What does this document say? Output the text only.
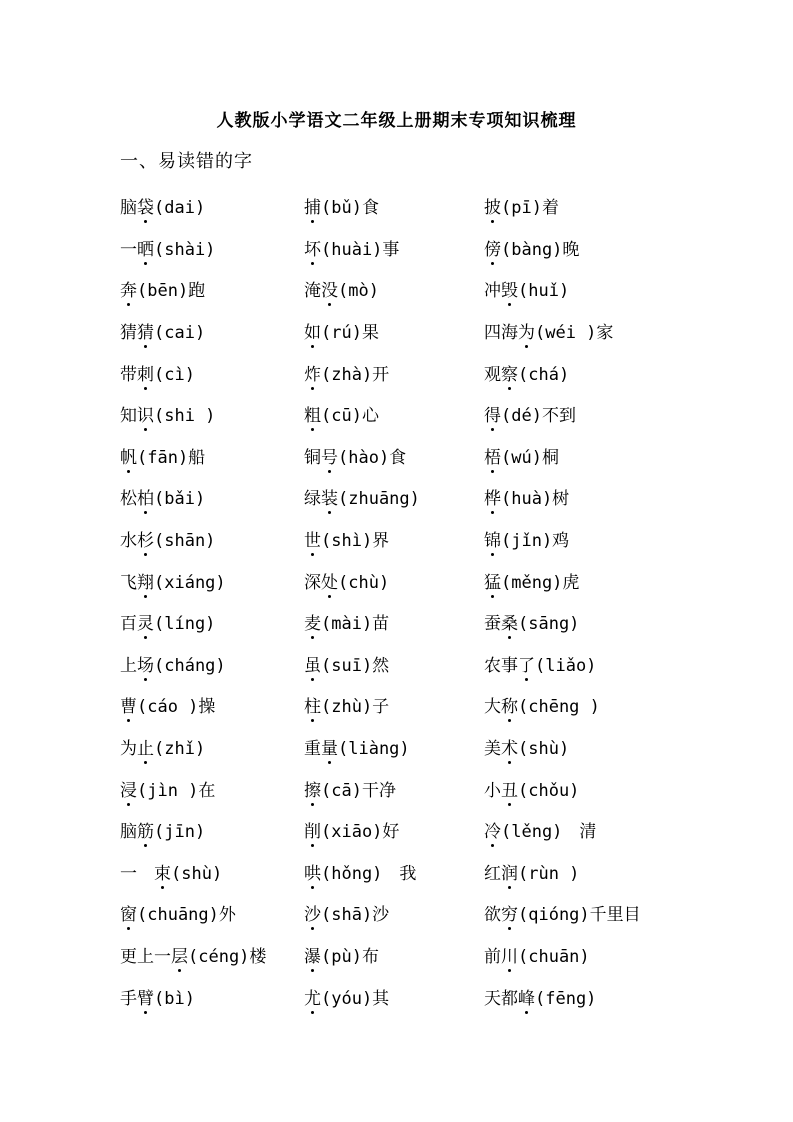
人教版小学语文二年级上册期末专项知识梳理
一、易读错的字
脑袋(dai)	捕(bǔ)食	披(pī)着
一晒(shài)	坏(huài)事	傍(bàng)晚
奔(bēn)跑	淹没(mò)	冲毁(huǐ)
猜猜(cai)	如(rú)果	四海为(wéi )家
带刺(cì)	炸(zhà)开	观察(chá)
知识(shi )	粗(cū)心	得(dé)不到
帆(fān)船	铜号(hào)食	梧(wú)桐
松柏(bǎi)	绿装(zhuāng)	桦(huà)树
水杉(shān)	世(shì)界	锦(jǐn)鸡
飞翔(xiáng)	深处(chù)	猛(měng)虎
百灵(líng)	麦(mài)苗	蚕桑(sāng)
上场(cháng)	虽(suī)然	农事了(liǎo)
曹(cáo )操	柱(zhù)子	大称(chēng )
为止(zhǐ)	重量(liàng)	美术(shù)
浸(jìn )在	擦(cā)干净	小丑(chǒu)
脑筋(jīn)	削(xiāo)好	冷(lěng)　清
一　束(shù)	哄(hǒng)　我	红润(rùn )
窗(chuāng)外	沙(shā)沙	欲穷(qióng)千里目
更上一层(céng)楼	瀑(pù)布	前川(chuān)
手臂(bì)	尤(yóu)其	天都峰(fēng)
